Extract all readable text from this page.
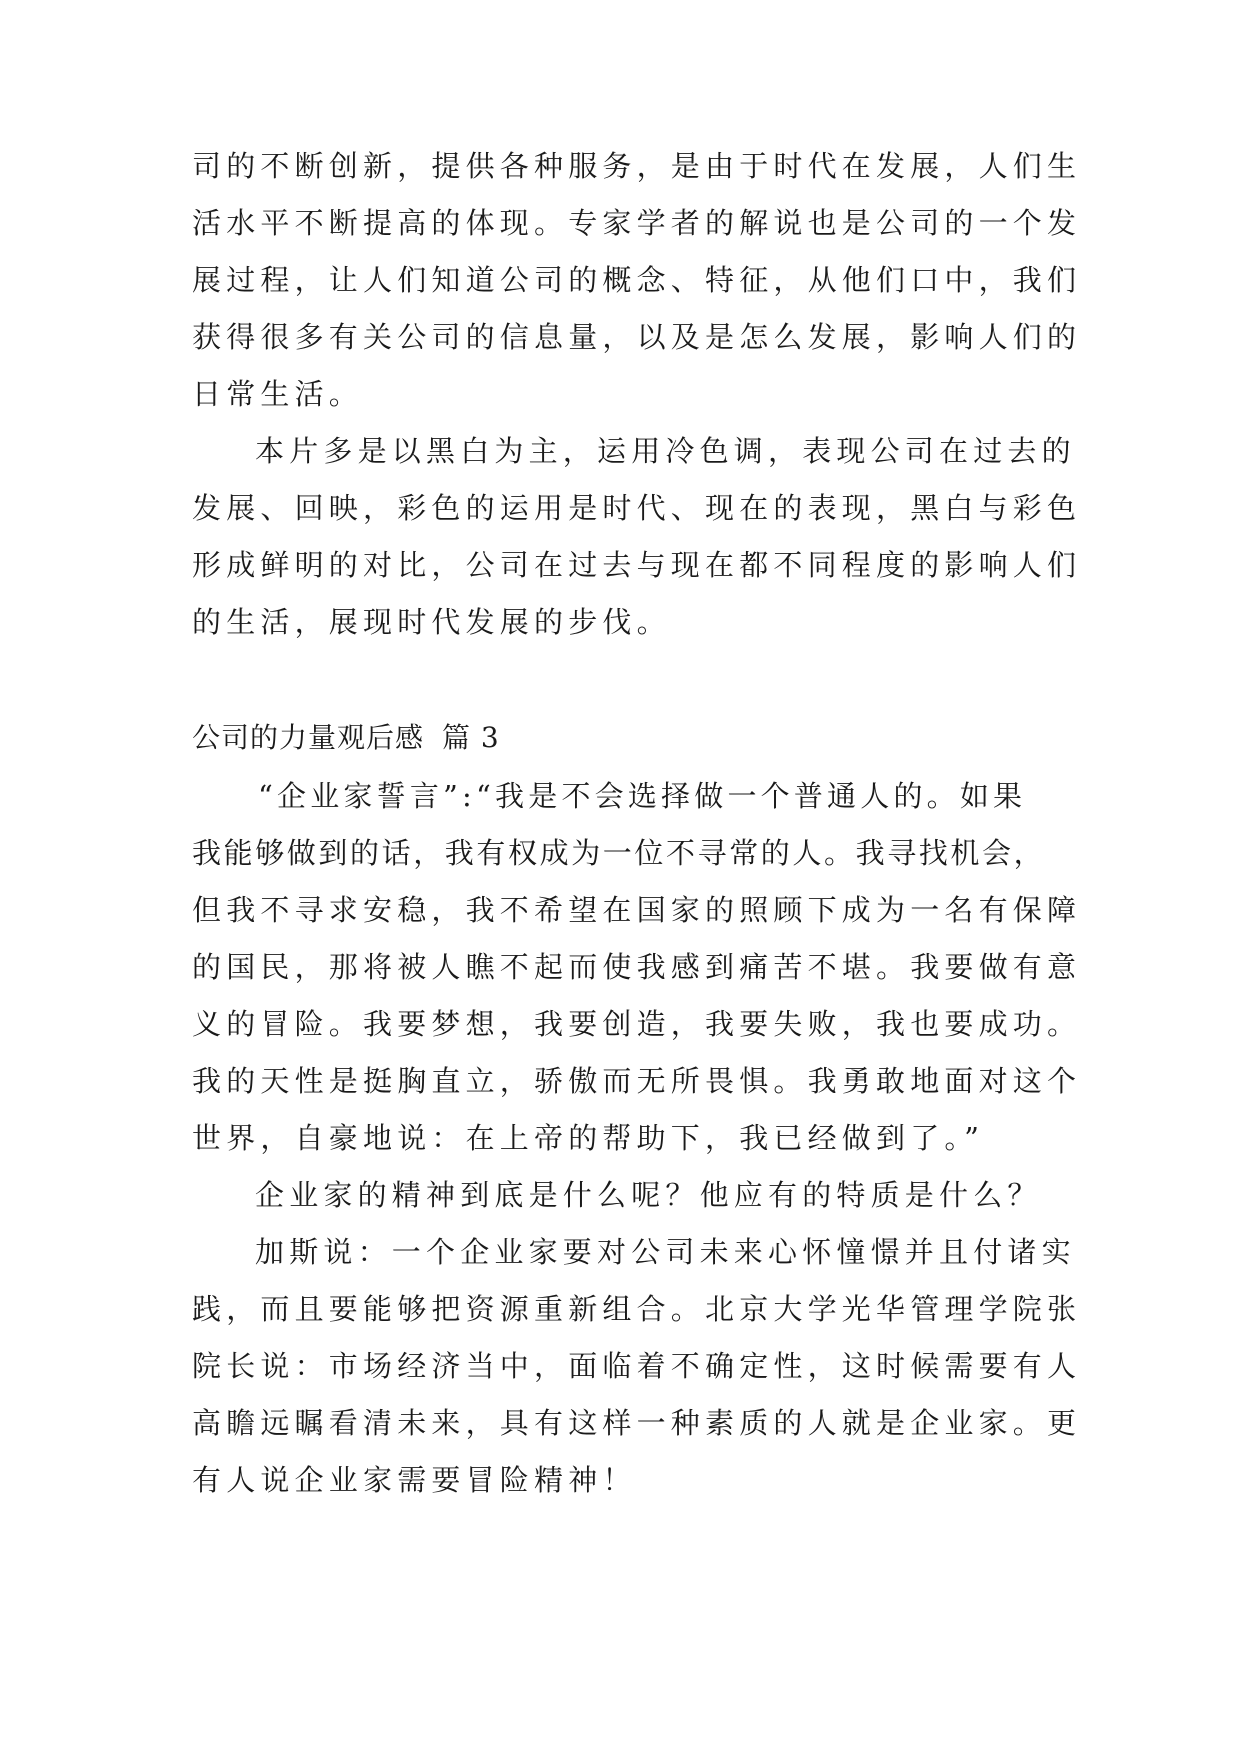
司的不断创新，提供各种服务，是由于时代在发展，人们生
活水平不断提高的体现。专家学者的解说也是公司的一个发
展过程，让人们知道公司的概念、特征，从他们口中，我们
获得很多有关公司的信息量，以及是怎么发展，影响人们的
日常生活。
本片多是以黑白为主，运用冷色调，表现公司在过去的
发展、回映，彩色的运用是时代、现在的表现，黑白与彩色
形成鲜明的对比，公司在过去与现在都不同程度的影响人们
的生活，展现时代发展的步伐。
公司的力量观后感 篇 3
“企业家誓言”:“我是不会选择做一个普通人的。如果
我能够做到的话，我有权成为一位不寻常的人。我寻找机会，
但我不寻求安稳，我不希望在国家的照顾下成为一名有保障
的国民，那将被人瞧不起而使我感到痛苦不堪。我要做有意
义的冒险。我要梦想，我要创造，我要失败，我也要成功。
我的天性是挺胸直立，骄傲而无所畏惧。我勇敢地面对这个
世界，自豪地说：在上帝的帮助下，我已经做到了。”
企业家的精神到底是什么呢？他应有的特质是什么？
加斯说：一个企业家要对公司未来心怀憧憬并且付诸实
践，而且要能够把资源重新组合。北京大学光华管理学院张
院长说：市场经济当中，面临着不确定性，这时候需要有人
高瞻远瞩看清未来，具有这样一种素质的人就是企业家。更
有人说企业家需要冒险精神！
